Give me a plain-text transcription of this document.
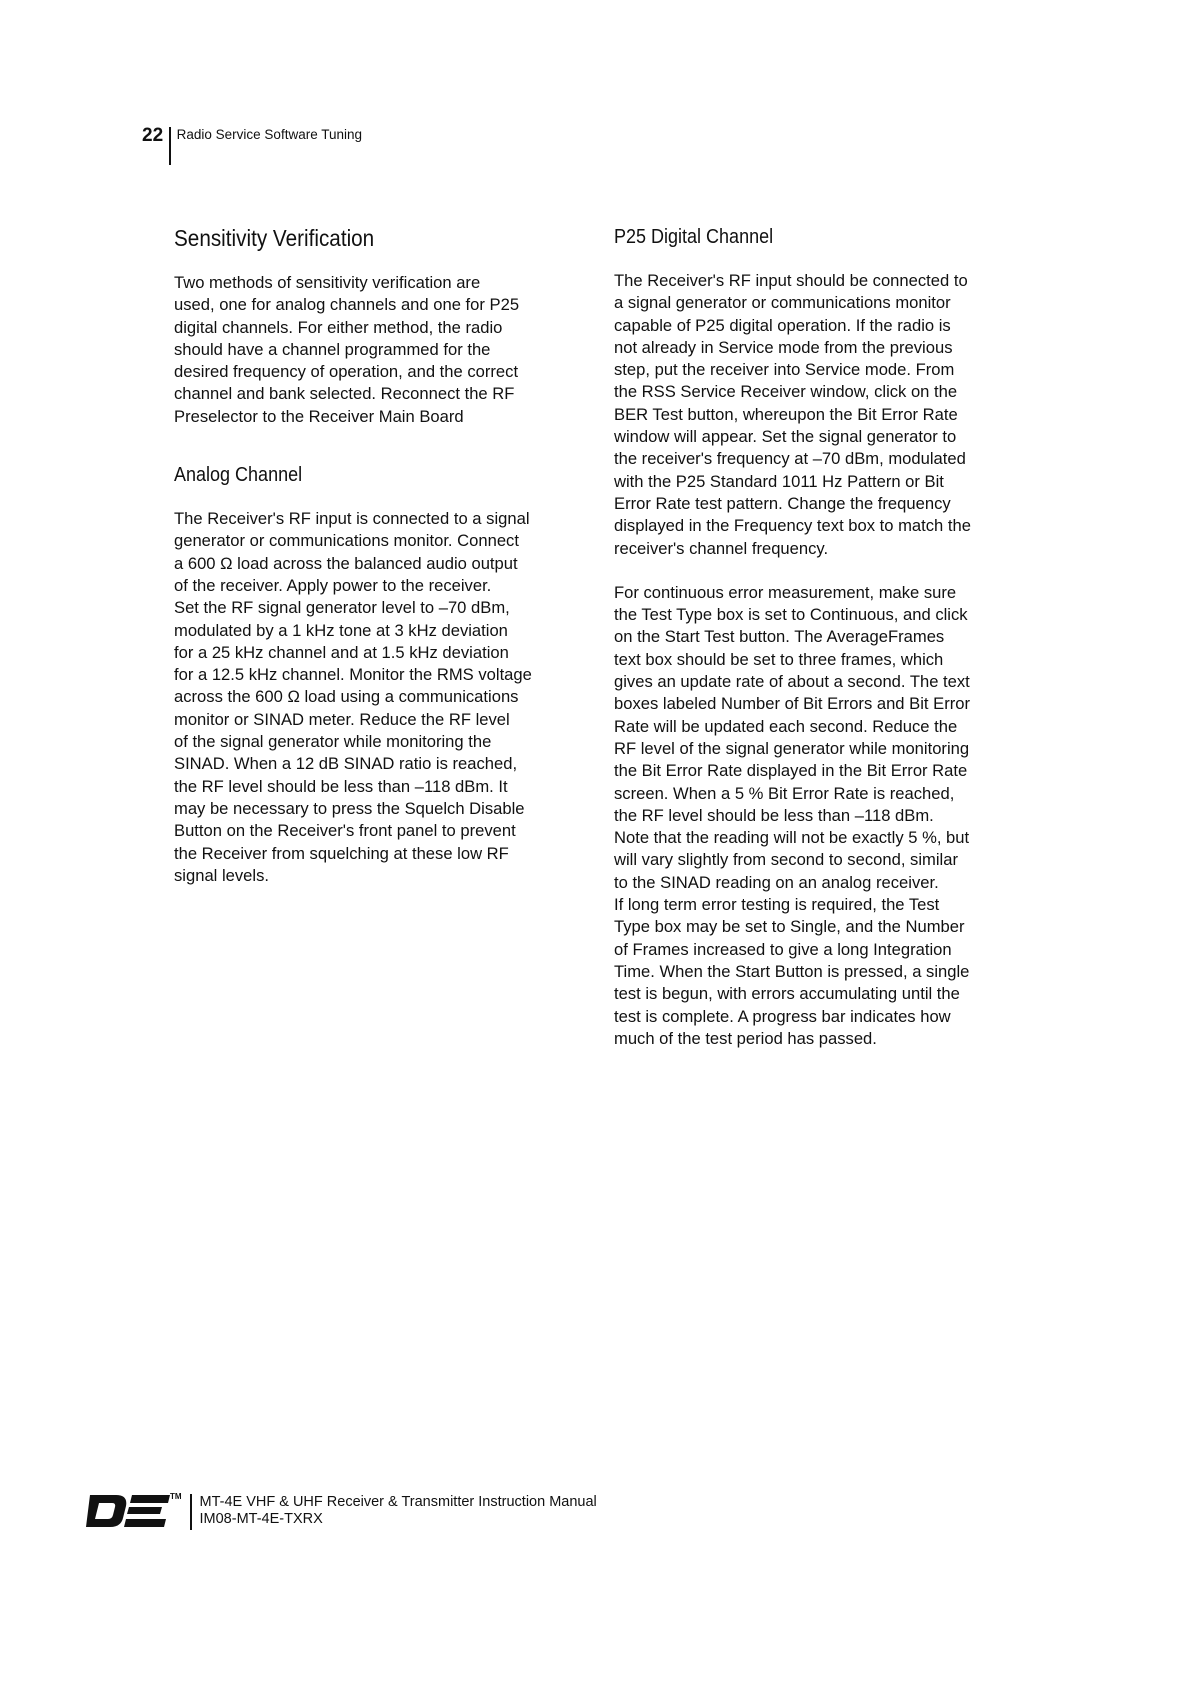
22 Radio Service Software Tuning
Sensitivity Verification

Two methods of sensitivity verification are
used, one for analog channels and one for P25
digital channels. For either method, the radio
should have a channel programmed for the
desired frequency of operation, and the correct
channel and bank selected. Reconnect the RF
Preselector to the Receiver Main Board

Analog Channel

The Receiver's RF input is connected to a signal
generator or communications monitor. Connect
a 600 Ω load across the balanced audio output
of the receiver. Apply power to the receiver.
Set the RF signal generator level to –70 dBm,
modulated by a 1 kHz tone at 3 kHz deviation
for a 25 kHz channel and at 1.5 kHz deviation
for a 12.5 kHz channel. Monitor the RMS voltage
across the 600 Ω load using a communications
monitor or SINAD meter. Reduce the RF level
of the signal generator while monitoring the
SINAD. When a 12 dB SINAD ratio is reached,
the RF level should be less than –118 dBm. It
may be necessary to press the Squelch Disable
Button on the Receiver's front panel to prevent
the Receiver from squelching at these low RF
signal levels.

P25 Digital Channel

The Receiver's RF input should be connected to
a signal generator or communications monitor
capable of P25 digital operation. If the radio is
not already in Service mode from the previous
step, put the receiver into Service mode. From
the RSS Service Receiver window, click on the
BER Test button, whereupon the Bit Error Rate
window will appear. Set the signal generator to
the receiver's frequency at –70 dBm, modulated
with the P25 Standard 1011 Hz Pattern or Bit
Error Rate test pattern. Change the frequency
displayed in the Frequency text box to match the
receiver's channel frequency.

For continuous error measurement, make sure
the Test Type box is set to Continuous, and click
on the Start Test button. The AverageFrames
text box should be set to three frames, which
gives an update rate of about a second. The text
boxes labeled Number of Bit Errors and Bit Error
Rate will be updated each second. Reduce the
RF level of the signal generator while monitoring
the Bit Error Rate displayed in the Bit Error Rate
screen. When a 5 % Bit Error Rate is reached,
the RF level should be less than –118 dBm.
Note that the reading will not be exactly 5 %, but
will vary slightly from second to second, similar
to the SINAD reading on an analog receiver.
If long term error testing is required, the Test
Type box may be set to Single, and the Number
of Frames increased to give a long Integration
Time. When the Start Button is pressed, a single
test is begun, with errors accumulating until the
test is complete. A progress bar indicates how
much of the test period has passed.

TM MT-4E VHF & UHF Receiver & Transmitter Instruction Manual
IM08-MT-4E-TXRX
